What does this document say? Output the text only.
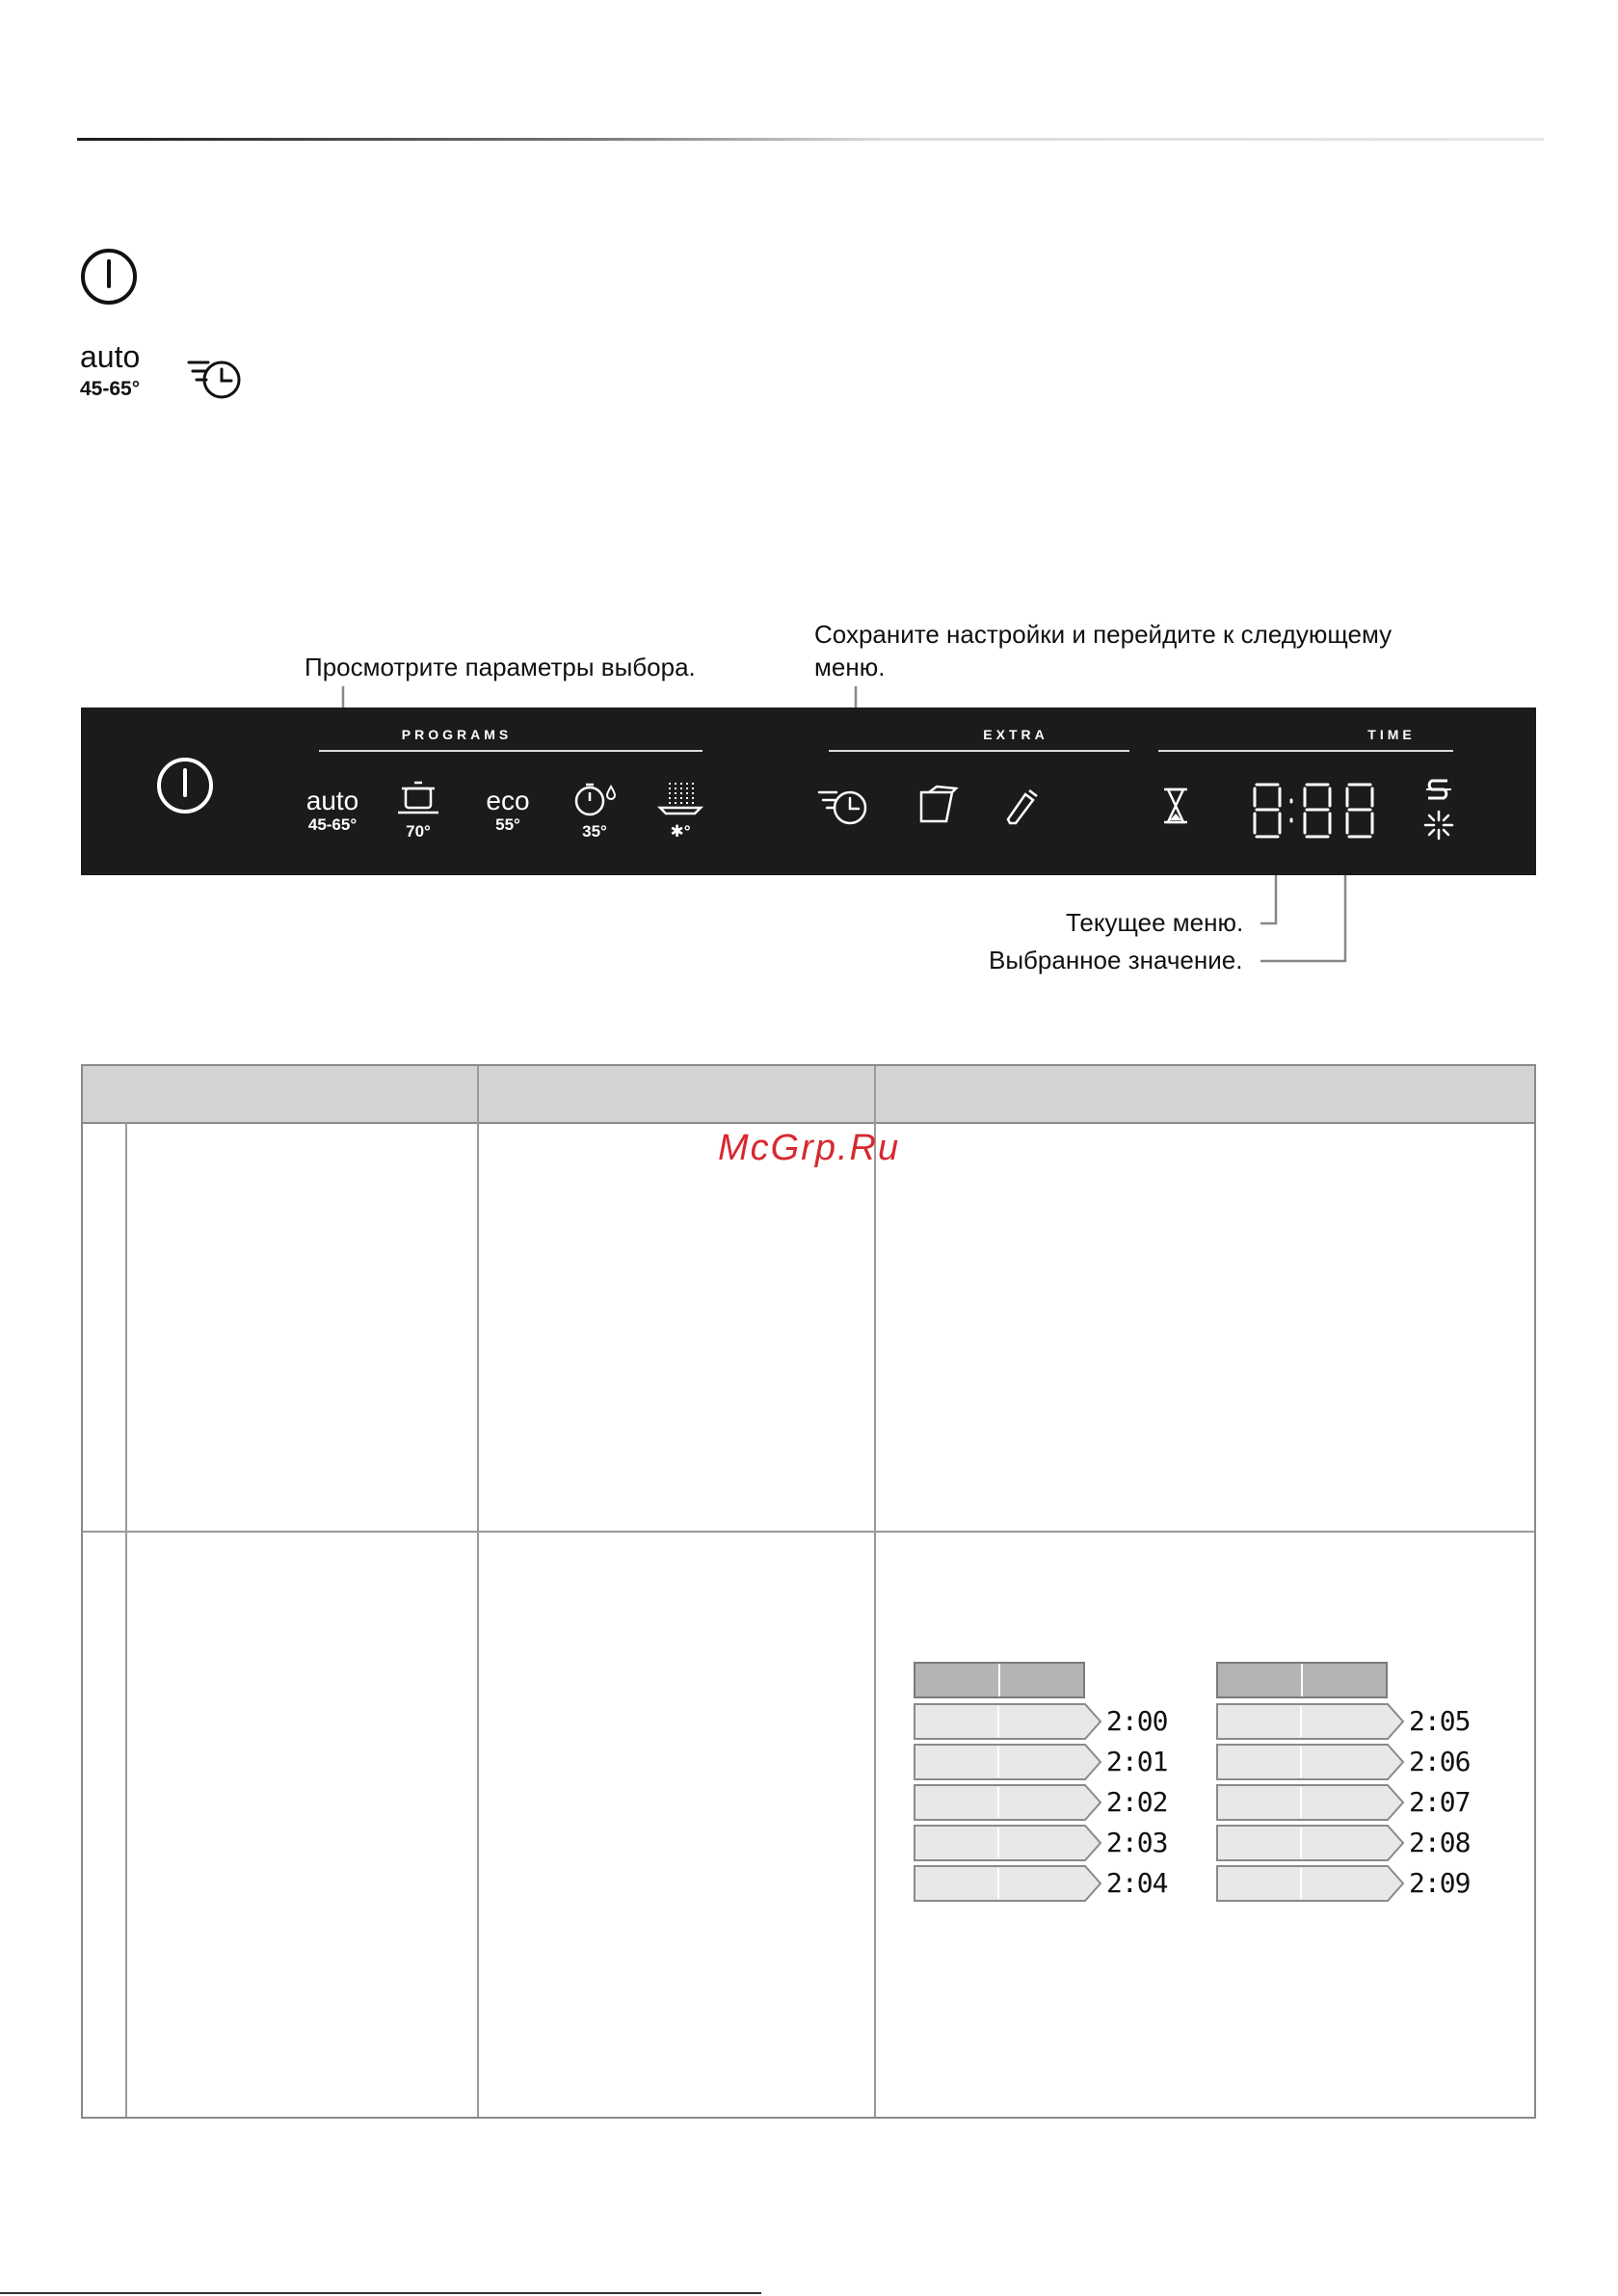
auto
45-65°
Просмотрите параметры выбора.
Сохраните настройки и перейдите к следующему
меню.
Текущее меню.
Выбранное значение.
PROGRAMS
auto
45-65°	70°
eco
55°	35°	✱°
EXTRA	TIME
2:00
2:01
2:02
2:03
2:04
2:05
2:06
2:07
2:08
2:09
McGrp.Ru
